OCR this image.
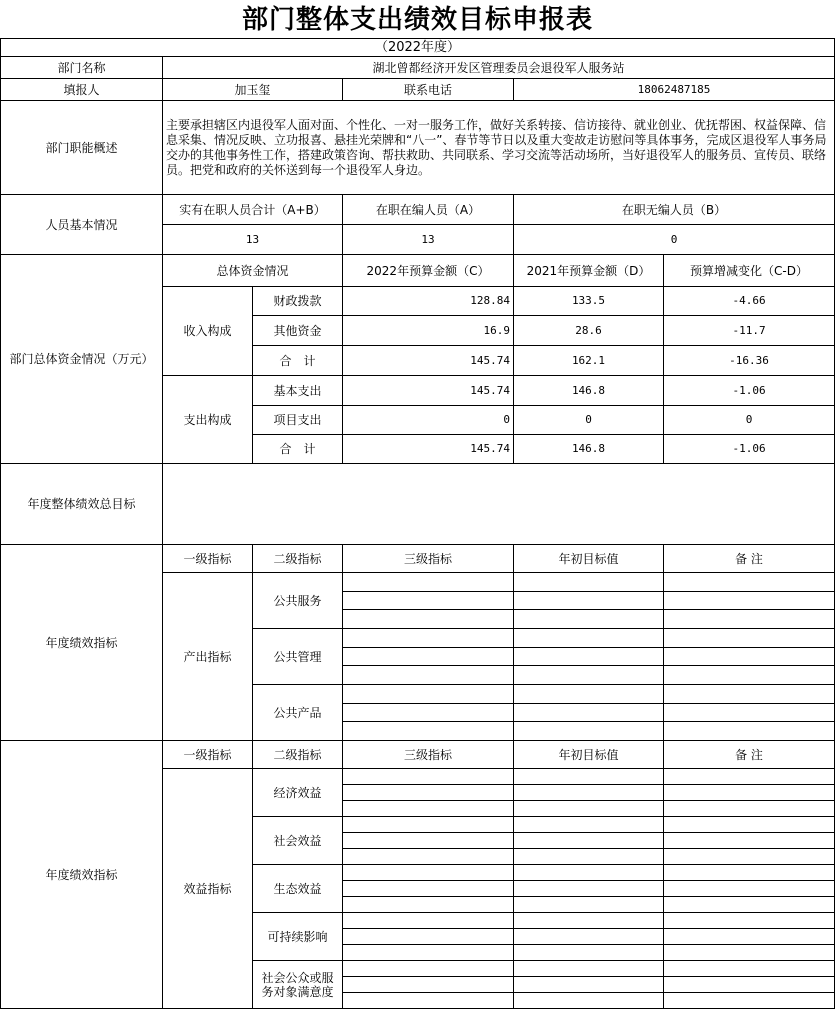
部门整体支出绩效目标申报表
（2022年度）					
部门名称	湖北曾都经济开发区管理委员会退役军人服务站				
填报人	加玉玺		联系电话	18062487185	
部门职能概述	主要承担辖区内退役军人面对面、个性化、一对一服务工作，做好关系转接、信访接待、就业创业、优抚帮困、权益保障、信息采集、情况反映、立功报喜、悬挂光荣牌和“八一”、春节等节日以及重大变故走访慰问等具体事务，完成区退役军人事务局交办的其他事务性工作，搭建政策咨询、帮扶救助、共同联系、学习交流等活动场所，当好退役军人的服务员、宣传员、联络员。把党和政府的关怀送到每一个退役军人身边。				
人员基本情况	实有在职人员合计（A+B）		在职在编人员（A）	在职无编人员（B）	
	13		13	0	
部门总体资金情况（万元）	总体资金情况		2022年预算金额（C）	2021年预算金额（D）	预算增减变化（C-D）
	收入构成	财政拨款	128.84	133.5	-4.66
		其他资金	16.9	28.6	-11.7
		合　计	145.74	162.1	-16.36
	支出构成	基本支出	145.74	146.8	-1.06
		项目支出	0	0	0
		合　计	145.74	146.8	-1.06
年度整体绩效总目标					
年度绩效指标	一级指标	二级指标	三级指标	年初目标值	备 注
	产出指标	公共服务			

		公共管理			

		公共产品			

年度绩效指标	一级指标	二级指标	三级指标	年初目标值	备 注
	效益指标	经济效益			

		社会效益			

		生态效益			

		可持续影响			

		社会公众或服务对象满意度			
